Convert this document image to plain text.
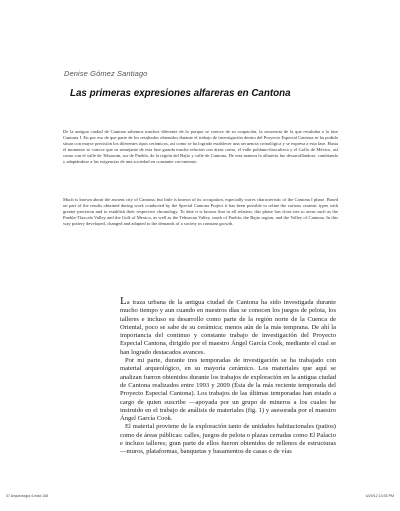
Denise Gómez Santiago
Las primeras expresiones alfareras en Cantona
De la antigua ciudad de Cantona sabemos muchos diferente de lo porque se conoce de su ocupación, la secuencia de la que resultaba a la fase Cantona I. En por eso de que parte de los resultados obtenidos durante el trabajo de investigación dentro del Proyecto Especial Cantona se ha podido situar con mayor precisión los diferentes tipos cerámicos, así como se ha logrado establecer una secuencia cronológica y se expresa a esta fase. Hasta el momento se conoce que su semejante de esta fase guarda mucha relación con áreas como, el valle poblano-tlaxcalteca y el Golfo de México, así como con el valle de Tehuacán, sur de Puebla, de la región del Bajío y valle de Cantona. De esta manera la alfarería fue desarrollándose, cambiando y adaptándose a las exigencias de una sociedad en constante crecimiento.
Much is known about the ancient city of Cantona, but little is known of its occupation, especially wares characteristic of the Cantona I phase. Based on part of the results obtained during work conducted by the Special Cantona Project it has been possible to refine the various ceramic types with greater precision and to establish their respective chronology. To date it is known that in all relation, this phase has close ties to areas such as the Puebla-Tlaxcala Valley and the Gulf of Mexico, as well as the Tehuacan Valley, south of Puebla, the Bajio region, and the Valley of Cantona. In this way pottery developed, changed and adapted to the demands of a society in constant growth.

La traza urbana de la antigua ciudad de Cantona ha sido investigada durante mucho tiempo y aun cuando en nuestros días se conocen los juegos de pelota, los talleres e incluso su desarrollo como parte de la región norte de la Cuenca de Oriental, poco se sabe de su cerámica; menos aún de la más temprana. De ahí la importancia del continuo y constante trabajo de investigación del Proyecto Especial Cantona, dirigido por el maestro Ángel García Cook, mediante el cual se han logrado destacados avances.

Por mi parte, durante tres temporadas de investigación se ha trabajado con material arqueológico, en su mayoría cerámico. Los materiales que aquí se analizan fueron obtenidos durante los trabajos de exploración en la antigua ciudad de Cantona realizados entre 1993 y 2009 (Ésta de la más reciente temporada del Proyecto Especial Cantona). Los trabajos de las últimas temporadas han estado a cargo de quien suscribe —apoyada por un grupo de mineros a los cuales he instruido en el trabajo de análisis de materiales (fig. 1) y asesorada por el maestro Ángel García Cook.

El material proviene de la exploración tanto de unidades habitacionales (patios) como de áreas públicas: calles, juegos de pelota o plazas cerradas como El Palacio e incluso talleres; gran parte de ellos fueron obtenidos de rellenos de estructuras —muros, plataformas, banquetas y basamentos de casas o de vías

07 Arqueología 4.indd 158	4/29/12 10:35 PM
